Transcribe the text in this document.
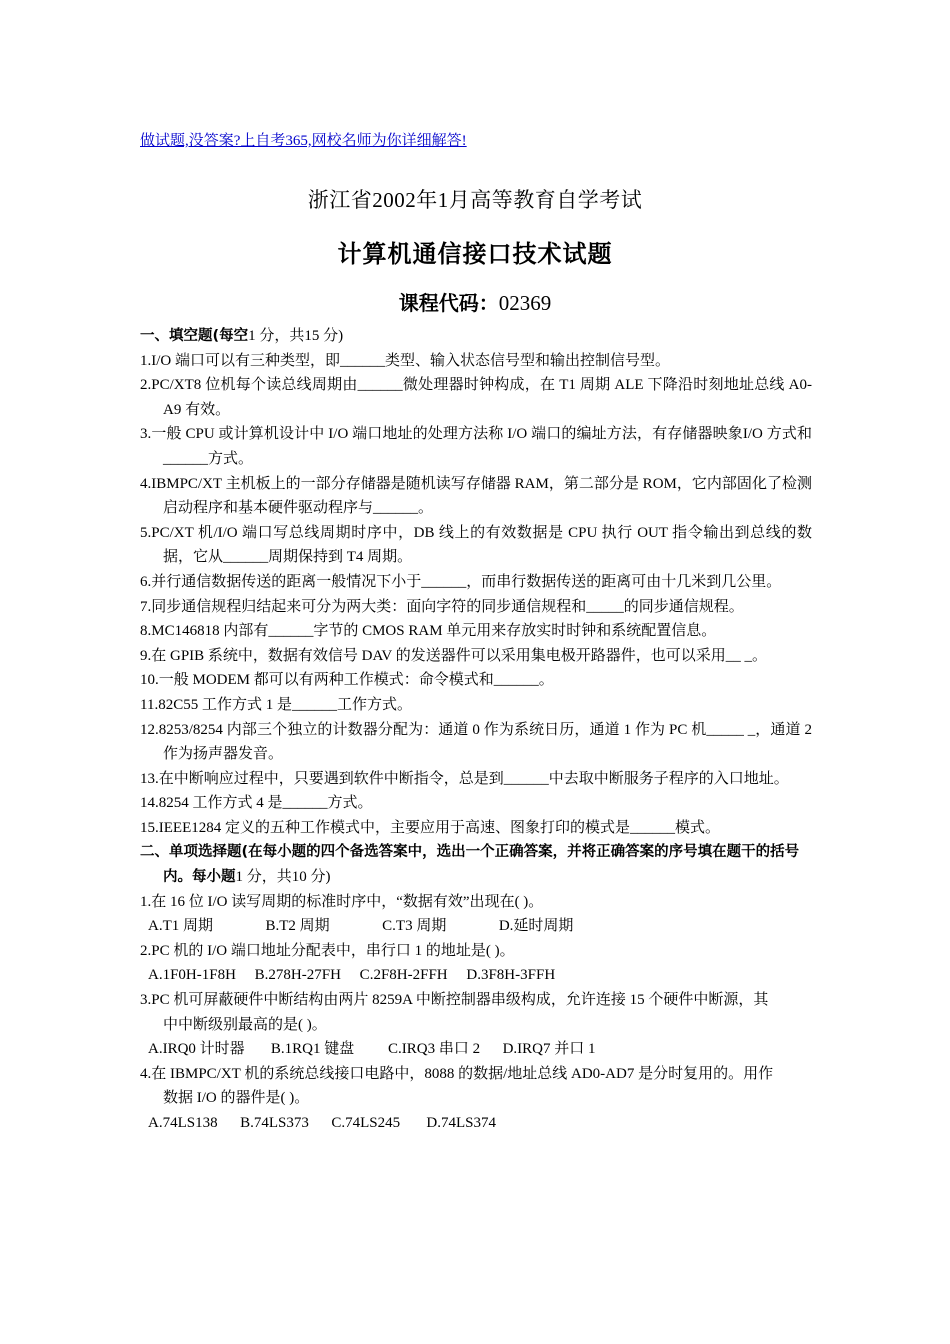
做试题,没答案?上自考365,网校名师为你详细解答!
浙江省2002年1月高等教育自学考试
计算机通信接口技术试题
课程代码：02369
一、填空题(每空1 分，共15 分)
1.I/O 端口可以有三种类型，即______类型、输入状态信号型和输出控制信号型。
2.PC/XT8 位机每个读总线周期由______微处理器时钟构成，在 T1 周期 ALE 下降沿时刻地址总线 A0-A9 有效。
3.一般 CPU 或计算机设计中 I/O 端口地址的处理方法称 I/O 端口的编址方法，有存储器映象I/O 方式和______方式。
4.IBMPC/XT 主机板上的一部分存储器是随机读写存储器 RAM，第二部分是 ROM，它内部固化了检测启动程序和基本硬件驱动程序与______。
5.PC/XT 机/I/O 端口写总线周期时序中，DB 线上的有效数据是 CPU 执行 OUT 指令输出到总线的数据，它从______周期保持到 T4 周期。
6.并行通信数据传送的距离一般情况下小于______，而串行数据传送的距离可由十几米到几公里。
7.同步通信规程归结起来可分为两大类：面向字符的同步通信规程和_____的同步通信规程。
8.MC146818 内部有______字节的 CMOS RAM 单元用来存放实时时钟和系统配置信息。
9.在 GPIB 系统中，数据有效信号 DAV 的发送器件可以采用集电极开路器件，也可以采用__ _。
10.一般 MODEM 都可以有两种工作模式：命令模式和______。
11.82C55 工作方式 1 是______工作方式。
12.8253/8254 内部三个独立的计数器分配为：通道 0 作为系统日历，通道 1 作为 PC 机_____ _，通道 2 作为扬声器发音。
13.在中断响应过程中，只要遇到软件中断指令，总是到______中去取中断服务子程序的入口地址。
14.8254 工作方式 4 是______方式。
15.IEEE1284 定义的五种工作模式中，主要应用于高速、图象打印的模式是______模式。
二、单项选择题(在每小题的四个备选答案中，选出一个正确答案，并将正确答案的序号填在题干的括号内。每小题1 分，共10 分)
1.在 16 位 I/O 读写周期的标准时序中，“数据有效”出现在( )。
A.T1 周期              B.T2 周期              C.T3 周期              D.延时周期
2.PC 机的 I/O 端口地址分配表中，串行口 1 的地址是( )。
A.1F0H-1F8H     B.278H-27FH     C.2F8H-2FFH     D.3F8H-3FFH
3.PC 机可屏蔽硬件中断结构由两片 8259A 中断控制器串级构成，允许连接 15 个硬件中断源，其中中断级别最高的是( )。
A.IRQ0 计时器       B.1RQ1 键盘         C.IRQ3 串口 2      D.IRQ7 并口 1
4.在 IBMPC/XT 机的系统总线接口电路中，8088 的数据/地址总线 AD0-AD7 是分时复用的。用作数据 I/O 的器件是( )。
A.74LS138      B.74LS373      C.74LS245       D.74LS374
